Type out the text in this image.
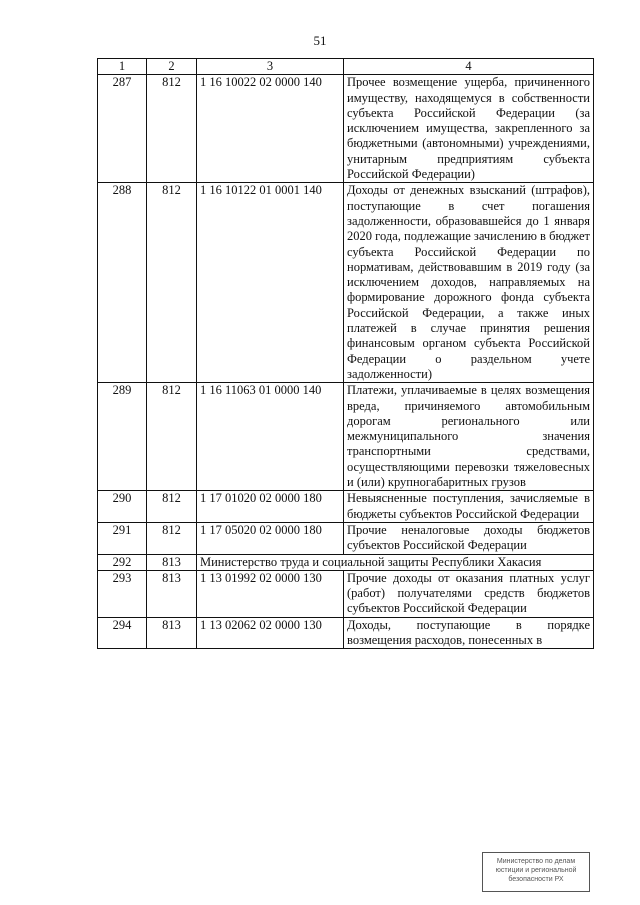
51
1	2	3	4
287	812	1 16 10022 02 0000 140	Прочее возмещение ущерба, причиненного имуществу, находящемуся в собственности субъекта Российской Федерации (за исключением имущества, закрепленного за бюджетными (автономными) учреждениями, унитарным предприятиям субъекта Российской Федерации)
288	812	1 16 10122 01 0001 140	Доходы от денежных взысканий (штрафов), поступающие в счет погашения задолженности, образовавшейся до 1 января 2020 года, подлежащие зачислению в бюджет субъекта Российской Федерации по нормативам, действовавшим в 2019 году (за исключением доходов, направляемых на формирование дорожного фонда субъекта Российской Федерации, а также иных платежей в случае принятия решения финансовым органом субъекта Российской Федерации о раздельном учете задолженности)
289	812	1 16 11063 01 0000 140	Платежи, уплачиваемые в целях возмещения вреда, причиняемого автомобильным дорогам регионального или межмуниципального значения транспортными средствами, осуществляющими перевозки тяжеловесных и (или) крупногабаритных грузов
290	812	1 17 01020 02 0000 180	Невыясненные поступления, зачисляемые в бюджеты субъектов Российской Федерации
291	812	1 17 05020 02 0000 180	Прочие неналоговые доходы бюджетов субъектов Российской Федерации
292	813	Министерство труда и социальной защиты Республики Хакасия	
293	813	1 13 01992 02 0000 130	Прочие доходы от оказания платных услуг (работ) получателями средств бюджетов субъектов Российской Федерации
294	813	1 13 02062 02 0000 130	Доходы, поступающие в порядке возмещения расходов, понесенных в
Министерство по делам
юстиции и региональной
безопасности РХ
